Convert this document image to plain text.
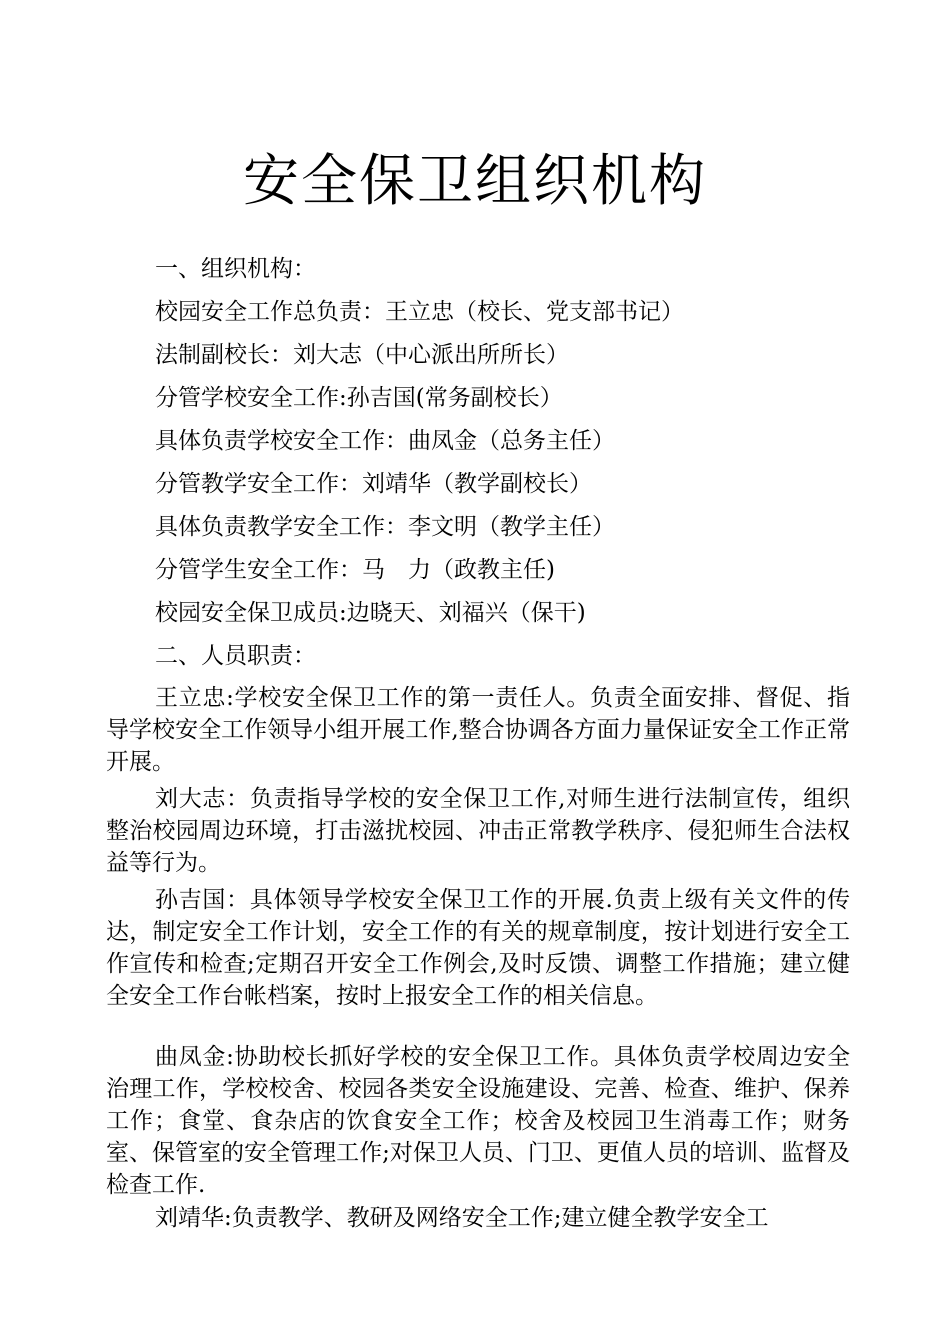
安全保卫组织机构
一、组织机构：
校园安全工作总负责：王立忠（校长、党支部书记）
法制副校长：刘大志（中心派出所所长）
分管学校安全工作:孙吉国(常务副校长）
具体负责学校安全工作：曲凤金（总务主任）
分管教学安全工作：刘靖华（教学副校长）
具体负责教学安全工作：李文明（教学主任）
分管学生安全工作：马　力（政教主任)
校园安全保卫成员:边晓天、刘福兴（保干)
二、人员职责：

王立忠:学校安全保卫工作的第一责任人。负责全面安排、督促、指导学校安全工作领导小组开展工作,整合协调各方面力量保证安全工作正常开展。

刘大志：负责指导学校的安全保卫工作,对师生进行法制宣传，组织整治校园周边环境，打击滋扰校园、冲击正常教学秩序、侵犯师生合法权益等行为。

孙吉国：具体领导学校安全保卫工作的开展.负责上级有关文件的传达，制定安全工作计划，安全工作的有关的规章制度，按计划进行安全工作宣传和检查;定期召开安全工作例会,及时反馈、调整工作措施；建立健全安全工作台帐档案，按时上报安全工作的相关信息。

曲凤金:协助校长抓好学校的安全保卫工作。具体负责学校周边安全治理工作，学校校舍、校园各类安全设施建设、完善、检查、维护、保养工作；食堂、食杂店的饮食安全工作；校舍及校园卫生消毒工作；财务室、保管室的安全管理工作;对保卫人员、门卫、更值人员的培训、监督及检查工作.

刘靖华:负责教学、教研及网络安全工作;建立健全教学安全工
